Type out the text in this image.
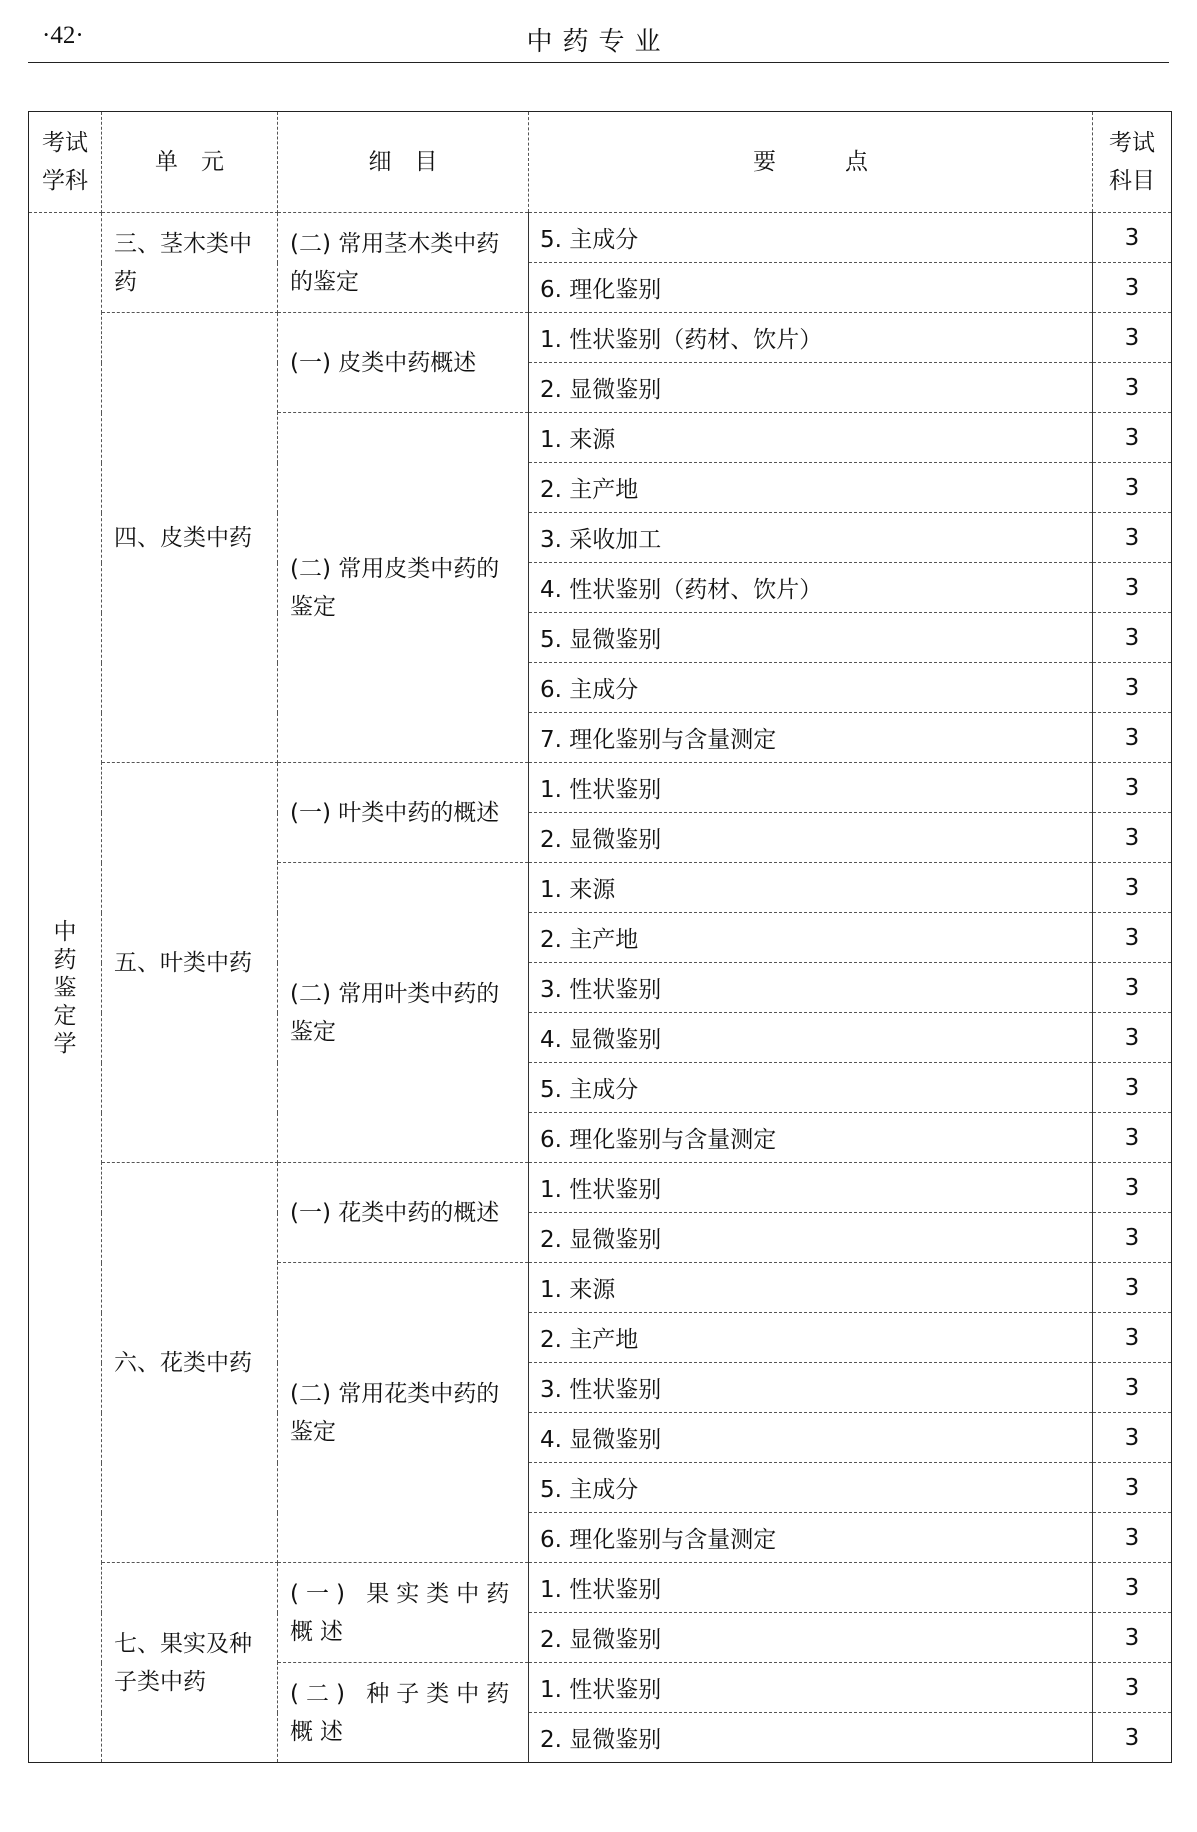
·42·	中药专业
考试学科	单　元	细　目	要　　　点	考试科目

中
药
鉴
定
学	三、茎木类中药	(二) 常用茎木类中药的鉴定	5. 主成分	3
			6. 理化鉴别	3
	四、皮类中药	(一) 皮类中药概述	1. 性状鉴别（药材、饮片）	3
			2. 显微鉴别	3
		(二) 常用皮类中药的鉴定	1. 来源	3
			2. 主产地	3
			3. 采收加工	3
			4. 性状鉴别（药材、饮片）	3
			5. 显微鉴别	3
			6. 主成分	3
			7. 理化鉴别与含量测定	3
	五、叶类中药	(一) 叶类中药的概述	1. 性状鉴别	3
			2. 显微鉴别	3
		(二) 常用叶类中药的鉴定	1. 来源	3
			2. 主产地	3
			3. 性状鉴别	3
			4. 显微鉴别	3
			5. 主成分	3
			6. 理化鉴别与含量测定	3
	六、花类中药	(一) 花类中药的概述	1. 性状鉴别	3
			2. 显微鉴别	3
		(二) 常用花类中药的鉴定	1. 来源	3
			2. 主产地	3
			3. 性状鉴别	3
			4. 显微鉴别	3
			5. 主成分	3
			6. 理化鉴别与含量测定	3
	七、果实及种子类中药	(一) 果实类中药概述	1. 性状鉴别	3
			2. 显微鉴别	3
		(二) 种子类中药概述	1. 性状鉴别	3
			2. 显微鉴别	3
